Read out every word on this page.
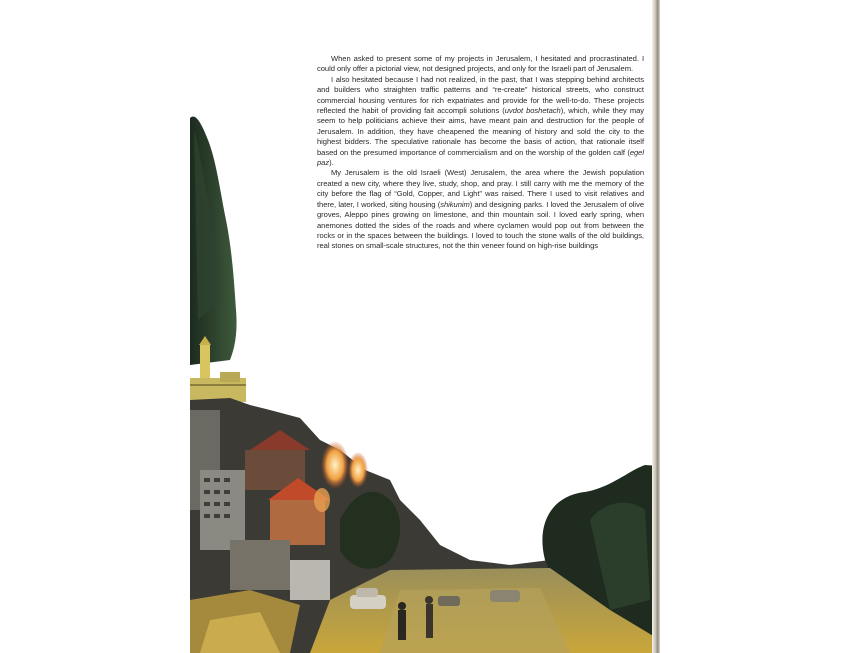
When asked to present some of my projects in Jerusalem, I hesitated and procrastinated. I could only offer a pictorial view, not designed projects, and only for the Israeli part of Jerusalem.

I also hesitated because I had not realized, in the past, that I was stepping behind architects and builders who straighten traffic patterns and “re-create” historical streets, who construct commercial housing ventures for rich expatriates and provide for the well-to-do. These projects reflected the habit of providing fait accompli solutions (uvdot boshetach), which, while they may seem to help politicians achieve their aims, have meant pain and destruction for the people of Jerusalem. In addition, they have cheapened the meaning of history and sold the city to the highest bidders. The speculative rationale has become the basis of action, that rationale itself based on the presumed importance of commercialism and on the worship of the golden calf (egel paz).

My Jerusalem is the old Israeli (West) Jerusalem, the area where the Jewish population created a new city, where they live, study, shop, and pray. I still carry with me the memory of the city before the flag of “Gold, Copper, and Light” was raised. There I used to visit relatives and there, later, I worked, siting housing (shikunim) and designing parks. I loved the Jerusalem of olive groves, Aleppo pines growing on limestone, and thin mountain soil. I loved early spring, when anemones dotted the sides of the roads and where cyclamen would pop out from between the rocks or in the spaces between the buildings. I loved to touch the stone walls of the old buildings, real stones on small-scale structures, not the thin veneer found on high-rise buildings
